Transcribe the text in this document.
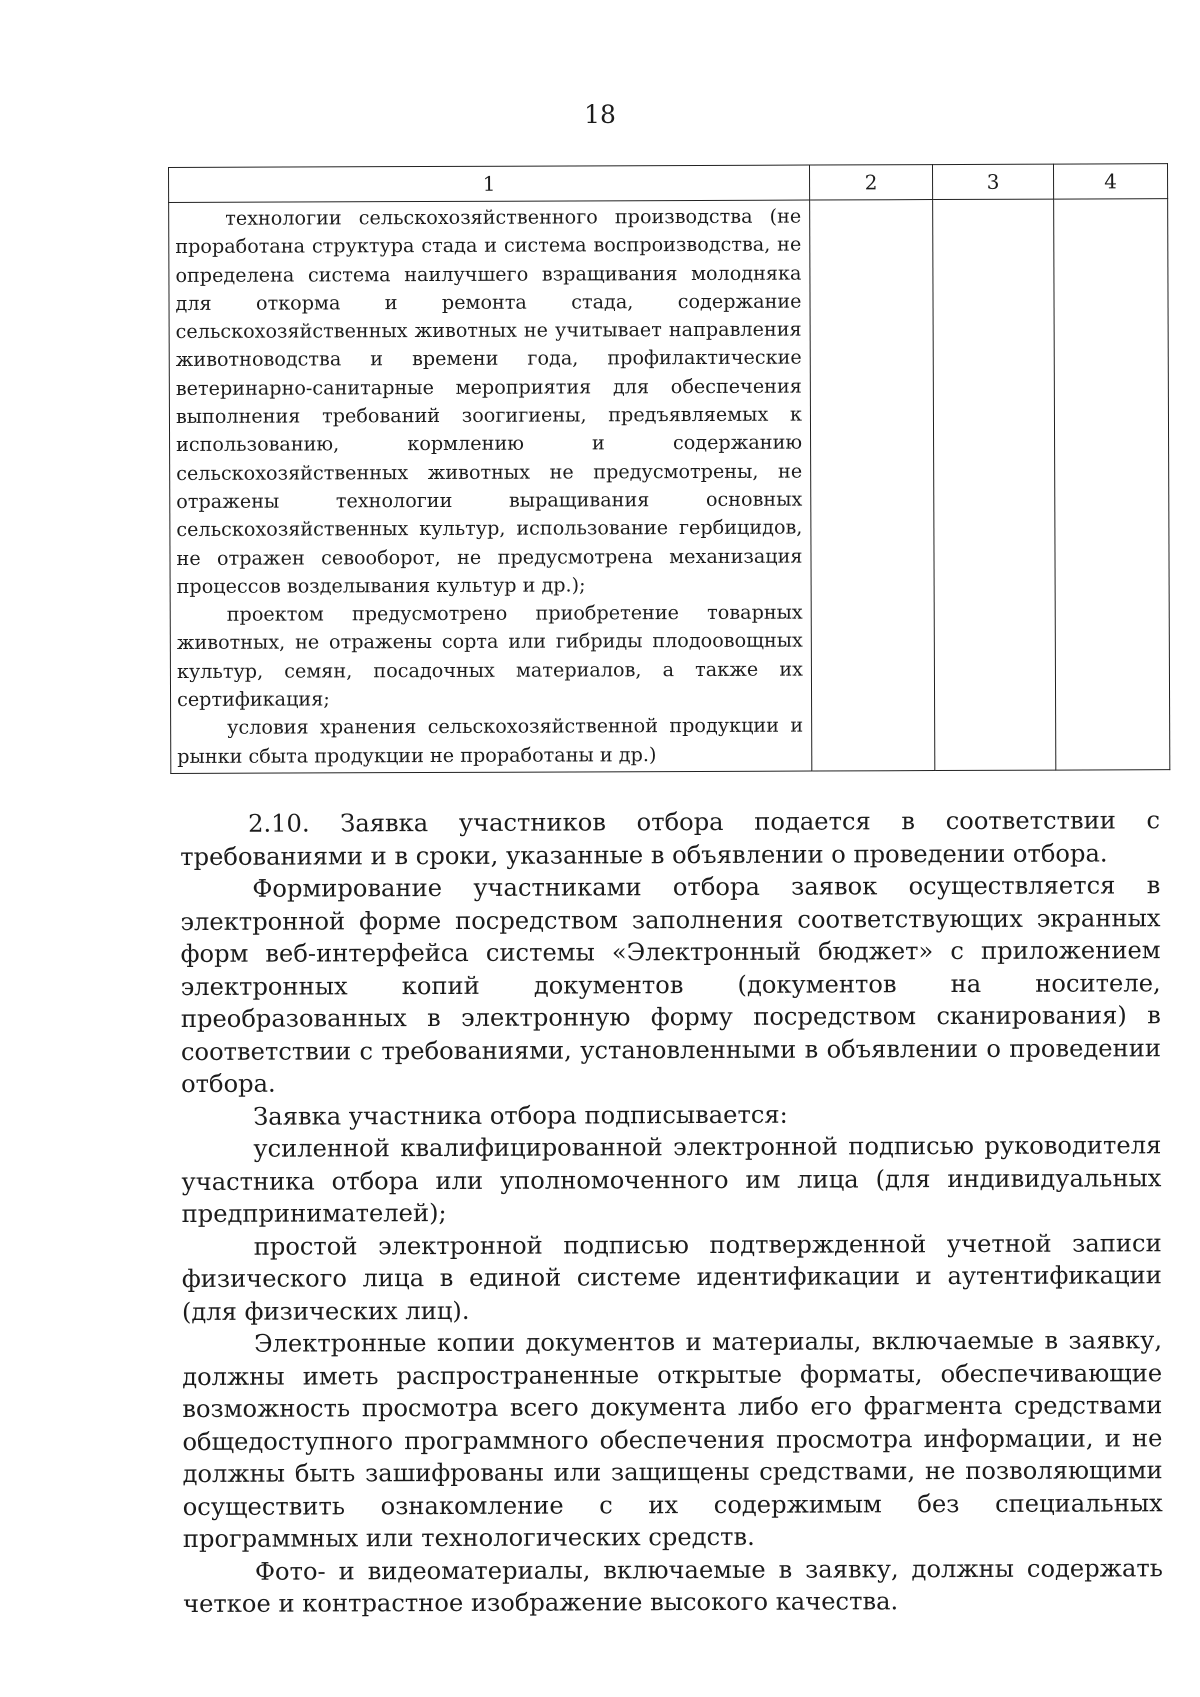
18
1	2	3	4

технологии сельскохозяйственного производства (не проработана структура стада и система воспроизводства, не определена система наилучшего взращивания молодняка для откорма и ремонта стада, содержание сельскохозяйственных животных не учитывает направления животноводства и времени года, профилактические ветеринарно-санитарные мероприятия для обеспечения выполнения требований зоогигиены, предъявляемых к использованию, кормлению и содержанию сельскохозяйственных животных не предусмотрены, не отражены технологии выращивания основных сельскохозяйственных культур, использование гербицидов, не отражен севооборот, не предусмотрена механизация процессов возделывания культур и др.);

проектом предусмотрено приобретение товарных животных, не отражены сорта или гибриды плодоовощных культур, семян, посадочных материалов, а также их сертификация;

условия хранения сельскохозяйственной продукции и рынки сбыта продукции не проработаны и др.)			

2.10. Заявка участников отбора подается в соответствии с требованиями и в сроки, указанные в объявлении о проведении отбора.

Формирование участниками отбора заявок осуществляется в электронной форме посредством заполнения соответствующих экранных форм веб-интерфейса системы «Электронный бюджет» с приложением электронных копий документов (документов на носителе, преобразованных в электронную форму посредством сканирования) в соответствии с требованиями, установленными в объявлении о проведении отбора.

Заявка участника отбора подписывается:

усиленной квалифицированной электронной подписью руководителя участника отбора или уполномоченного им лица (для индивидуальных предпринимателей);

простой электронной подписью подтвержденной учетной записи физического лица в единой системе идентификации и аутентификации (для физических лиц).

Электронные копии документов и материалы, включаемые в заявку, должны иметь распространенные открытые форматы, обеспечивающие возможность просмотра всего документа либо его фрагмента средствами общедоступного программного обеспечения просмотра информации, и не должны быть зашифрованы или защищены средствами, не позволяющими осуществить ознакомление с их содержимым без специальных программных или технологических средств.

Фото- и видеоматериалы, включаемые в заявку, должны содержать четкое и контрастное изображение высокого качества.
